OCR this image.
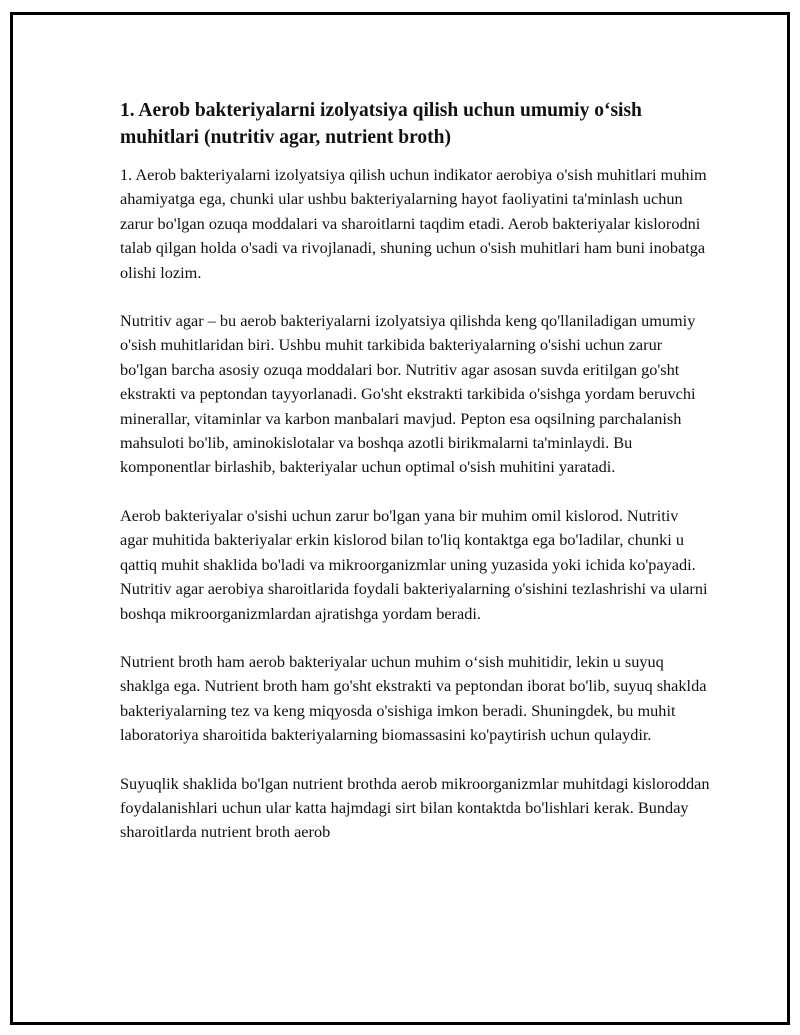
1. Aerob bakteriyalarni izolyatsiya qilish uchun umumiy o‘sish muhitlari (nutritiv agar, nutrient broth)

1. Aerob bakteriyalarni izolyatsiya qilish uchun indikator aerobiya o'sish muhitlari muhim ahamiyatga ega, chunki ular ushbu bakteriyalarning hayot faoliyatini ta'minlash uchun zarur bo'lgan ozuqa moddalari va sharoitlarni taqdim etadi. Aerob bakteriyalar kislorodni talab qilgan holda o'sadi va rivojlanadi, shuning uchun o'sish muhitlari ham buni inobatga olishi lozim.

Nutritiv agar – bu aerob bakteriyalarni izolyatsiya qilishda keng qo'llaniladigan umumiy o'sish muhitlaridan biri. Ushbu muhit tarkibida bakteriyalarning o'sishi uchun zarur bo'lgan barcha asosiy ozuqa moddalari bor. Nutritiv agar asosan suvda eritilgan go'sht ekstrakti va peptondan tayyorlanadi. Go'sht ekstrakti tarkibida o'sishga yordam beruvchi minerallar, vitaminlar va karbon manbalari mavjud. Pepton esa oqsilning parchalanish mahsuloti bo'lib, aminokislotalar va boshqa azotli birikmalarni ta'minlaydi. Bu komponentlar birlashib, bakteriyalar uchun optimal o'sish muhitini yaratadi.

Aerob bakteriyalar o'sishi uchun zarur bo'lgan yana bir muhim omil kislorod. Nutritiv agar muhitida bakteriyalar erkin kislorod bilan to'liq kontaktga ega bo'ladilar, chunki u qattiq muhit shaklida bo'ladi va mikroorganizmlar uning yuzasida yoki ichida ko'payadi. Nutritiv agar aerobiya sharoitlarida foydali bakteriyalarning o'sishini tezlashrishi va ularni boshqa mikroorganizmlardan ajratishga yordam beradi.

Nutrient broth ham aerob bakteriyalar uchun muhim o‘sish muhitidir, lekin u suyuq shaklga ega. Nutrient broth ham go'sht ekstrakti va peptondan iborat bo'lib, suyuq shaklda bakteriyalarning tez va keng miqyosda o'sishiga imkon beradi. Shuningdek, bu muhit laboratoriya sharoitida bakteriyalarning biomassasini ko'paytirish uchun qulaydir.

Suyuqlik shaklida bo'lgan nutrient brothda aerob mikroorganizmlar muhitdagi kisloroddan foydalanishlari uchun ular katta hajmdagi sirt bilan kontaktda bo'lishlari kerak. Bunday sharoitlarda nutrient broth aerob
